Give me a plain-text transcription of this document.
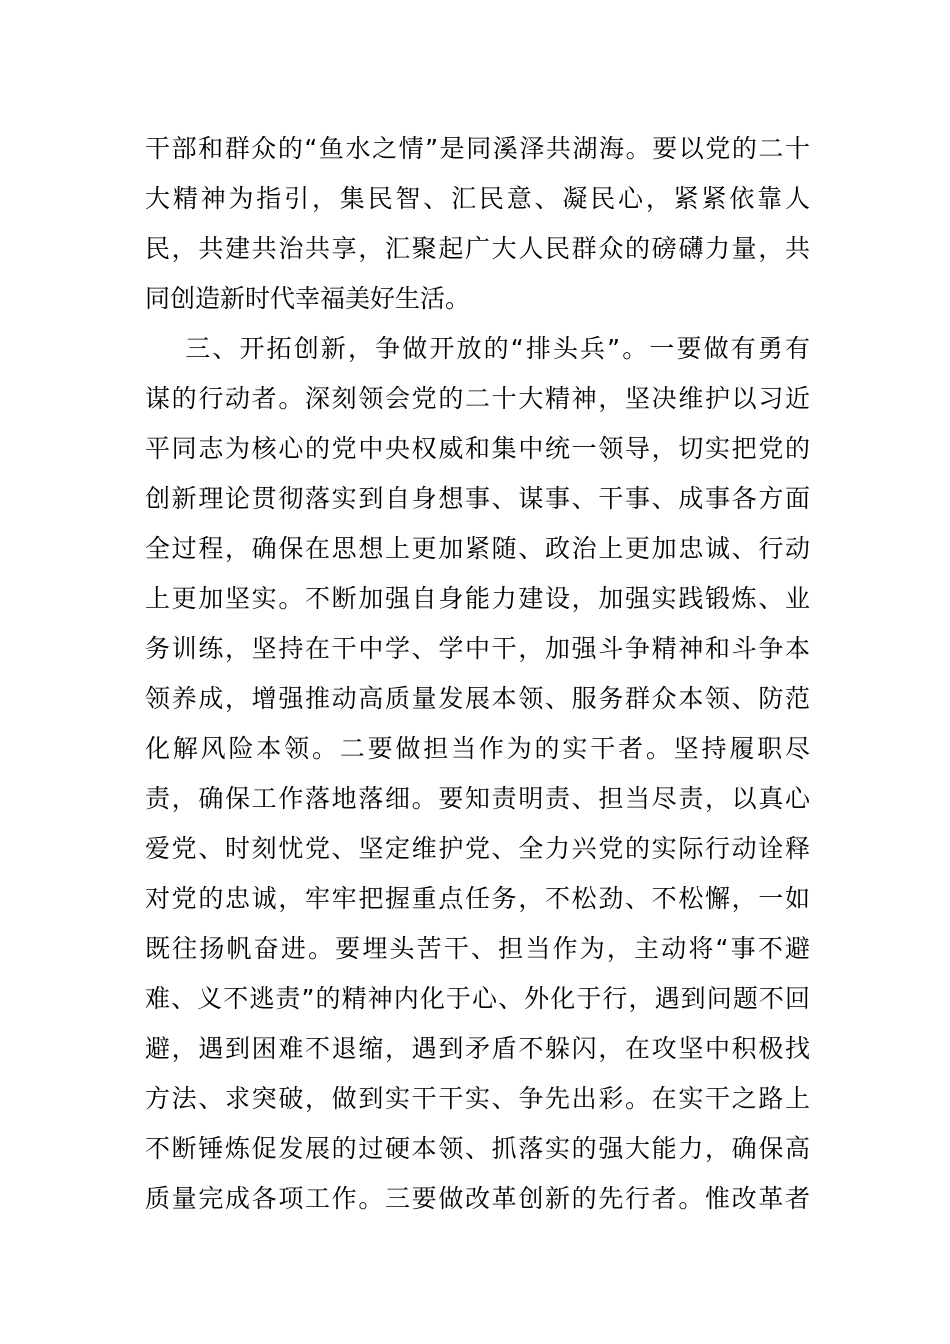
干部和群众的“鱼水之情”是同溪泽共湖海。要以党的二十
大精神为指引，集民智、汇民意、凝民心，紧紧依靠人
民，共建共治共享，汇聚起广大人民群众的磅礴力量，共
同创造新时代幸福美好生活。
三、开拓创新，争做开放的“排头兵”。一要做有勇有
谋的行动者。深刻领会党的二十大精神，坚决维护以习近
平同志为核心的党中央权威和集中统一领导，切实把党的
创新理论贯彻落实到自身想事、谋事、干事、成事各方面
全过程，确保在思想上更加紧随、政治上更加忠诚、行动
上更加坚实。不断加强自身能力建设，加强实践锻炼、业
务训练，坚持在干中学、学中干，加强斗争精神和斗争本
领养成，增强推动高质量发展本领、服务群众本领、防范
化解风险本领。二要做担当作为的实干者。坚持履职尽
责，确保工作落地落细。要知责明责、担当尽责，以真心
爱党、时刻忧党、坚定维护党、全力兴党的实际行动诠释
对党的忠诚，牢牢把握重点任务，不松劲、不松懈，一如
既往扬帆奋进。要埋头苦干、担当作为，主动将“事不避
难、义不逃责”的精神内化于心、外化于行，遇到问题不回
避，遇到困难不退缩，遇到矛盾不躲闪，在攻坚中积极找
方法、求突破，做到实干干实、争先出彩。在实干之路上
不断锤炼促发展的过硬本领、抓落实的强大能力，确保高
质量完成各项工作。三要做改革创新的先行者。惟改革者
